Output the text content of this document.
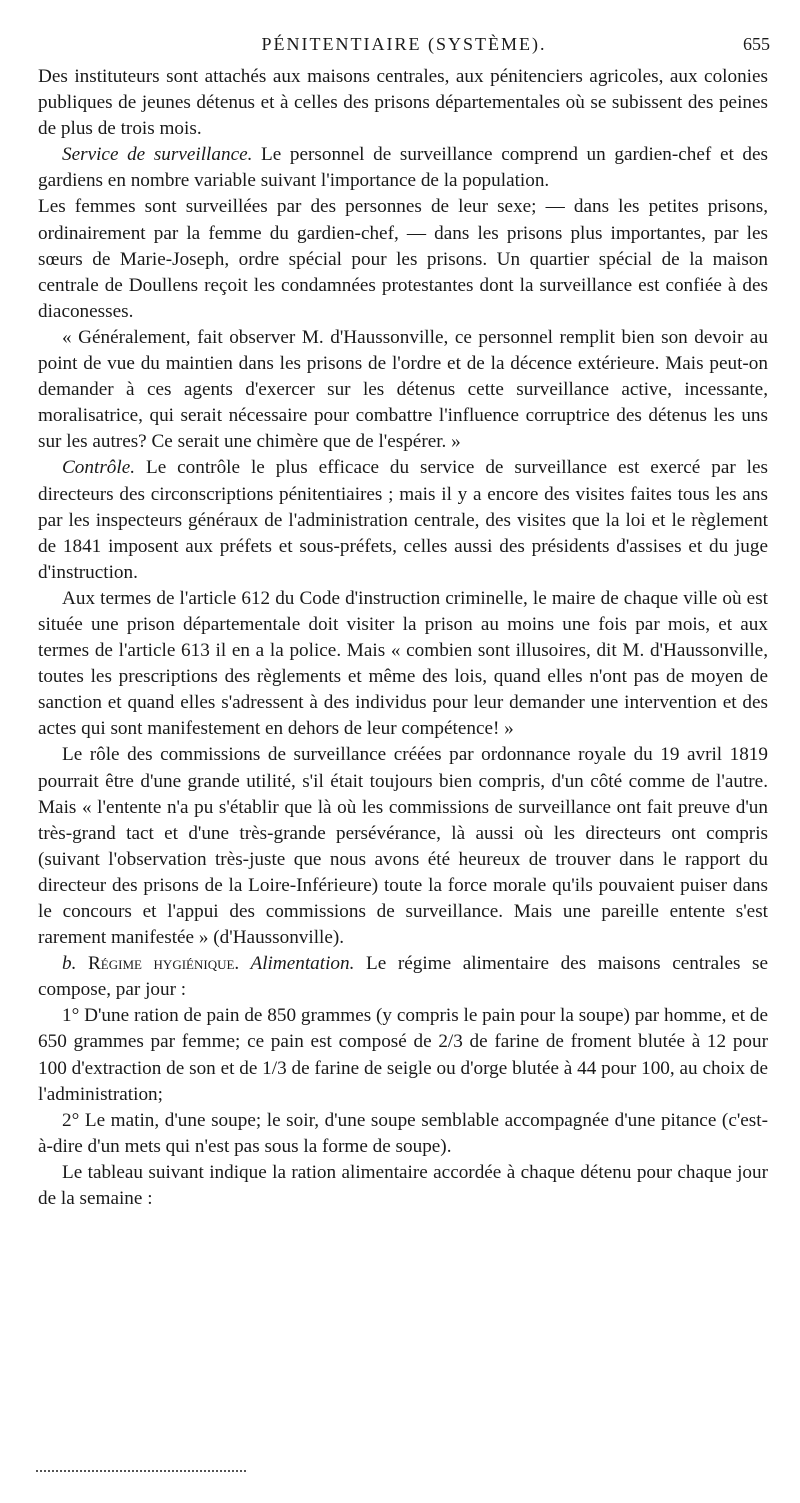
PÉNITENTIAIRE (SYSTÈME).	655

Des instituteurs sont attachés aux maisons centrales, aux pénitenciers agricoles, aux colonies publiques de jeunes détenus et à celles des prisons départementales où se subissent des peines de plus de trois mois.

Service de surveillance. Le personnel de surveillance comprend un gardien-chef et des gardiens en nombre variable suivant l'importance de la population.

Les femmes sont surveillées par des personnes de leur sexe; — dans les petites prisons, ordinairement par la femme du gardien-chef, — dans les prisons plus importantes, par les sœurs de Marie-Joseph, ordre spécial pour les prisons. Un quartier spécial de la maison centrale de Doullens reçoit les condamnées protestantes dont la surveillance est confiée à des diaconesses.

« Généralement, fait observer M. d'Haussonville, ce personnel remplit bien son devoir au point de vue du maintien dans les prisons de l'ordre et de la décence extérieure. Mais peut-on demander à ces agents d'exercer sur les détenus cette surveillance active, incessante, moralisatrice, qui serait nécessaire pour combattre l'influence corruptrice des détenus les uns sur les autres? Ce serait une chimère que de l'espérer. »

Contrôle. Le contrôle le plus efficace du service de surveillance est exercé par les directeurs des circonscriptions pénitentiaires ; mais il y a encore des visites faites tous les ans par les inspecteurs généraux de l'administration centrale, des visites que la loi et le règlement de 1841 imposent aux préfets et sous-préfets, celles aussi des présidents d'assises et du juge d'instruction.

Aux termes de l'article 612 du Code d'instruction criminelle, le maire de chaque ville où est située une prison départementale doit visiter la prison au moins une fois par mois, et aux termes de l'article 613 il en a la police. Mais « combien sont illusoires, dit M. d'Haussonville, toutes les prescriptions des règlements et même des lois, quand elles n'ont pas de moyen de sanction et quand elles s'adressent à des individus pour leur demander une intervention et des actes qui sont manifestement en dehors de leur compétence! »

Le rôle des commissions de surveillance créées par ordonnance royale du 19 avril 1819 pourrait être d'une grande utilité, s'il était toujours bien compris, d'un côté comme de l'autre. Mais « l'entente n'a pu s'établir que là où les commissions de surveillance ont fait preuve d'un très-grand tact et d'une très-grande persévérance, là aussi où les directeurs ont compris (suivant l'observation très-juste que nous avons été heureux de trouver dans le rapport du directeur des prisons de la Loire-Inférieure) toute la force morale qu'ils pouvaient puiser dans le concours et l'appui des commissions de surveillance. Mais une pareille entente s'est rarement manifestée » (d'Haussonville).

b. Régime hygiénique. Alimentation. Le régime alimentaire des maisons centrales se compose, par jour :

1° D'une ration de pain de 850 grammes (y compris le pain pour la soupe) par homme, et de 650 grammes par femme; ce pain est composé de 2/3 de farine de froment blutée à 12 pour 100 d'extraction de son et de 1/3 de farine de seigle ou d'orge blutée à 44 pour 100, au choix de l'administration;

2° Le matin, d'une soupe; le soir, d'une soupe semblable accompagnée d'une pitance (c'est-à-dire d'un mets qui n'est pas sous la forme de soupe).

Le tableau suivant indique la ration alimentaire accordée à chaque détenu pour chaque jour de la semaine :
